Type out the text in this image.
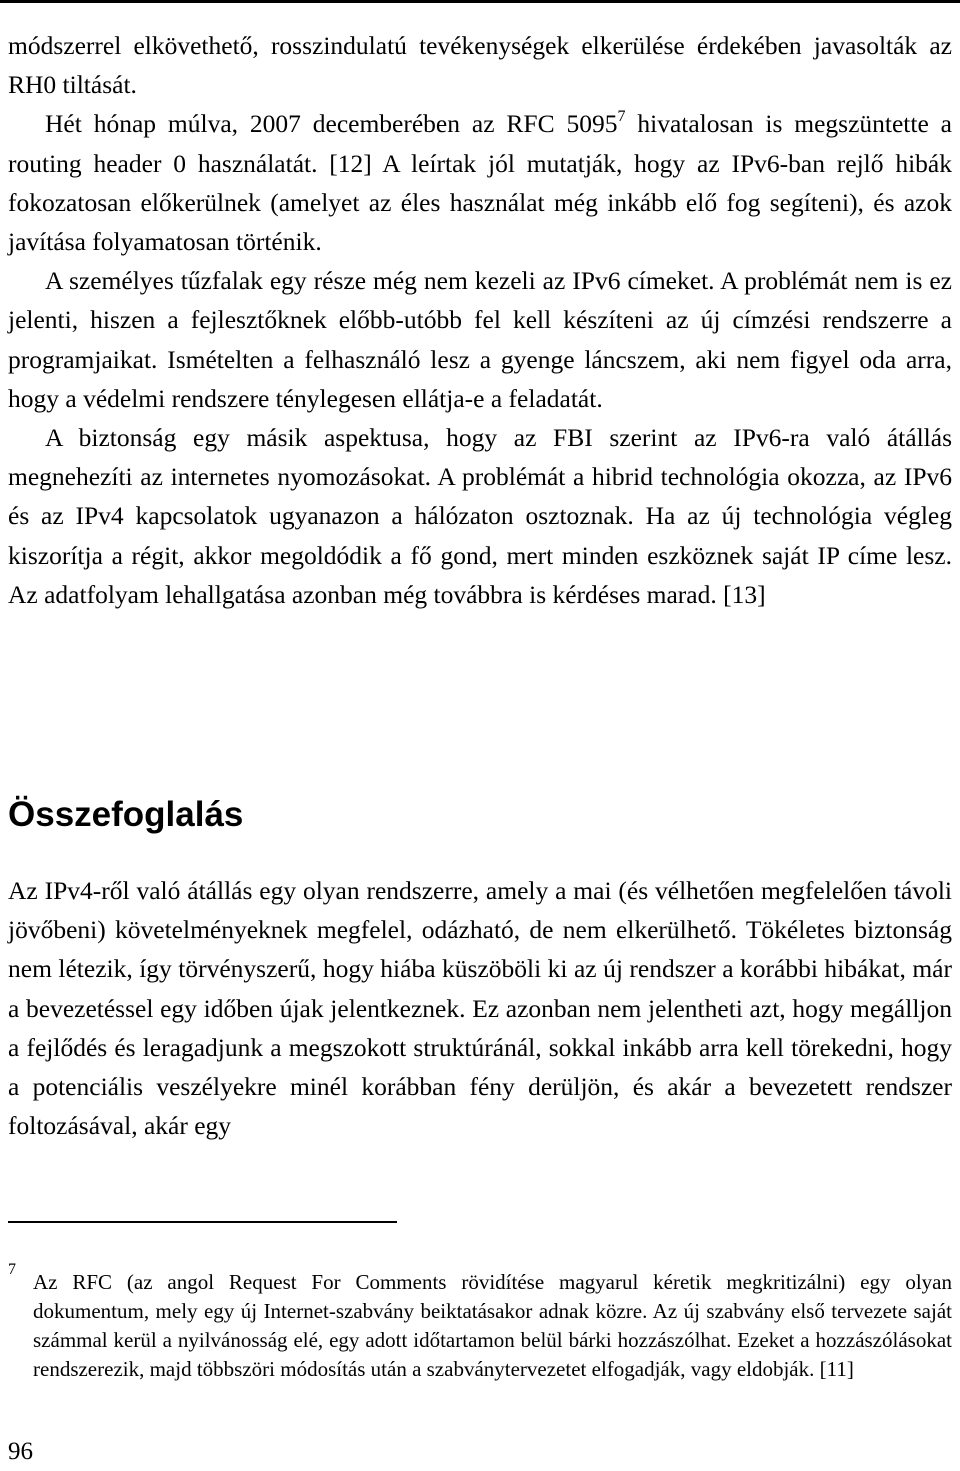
módszerrel elkövethető, rosszindulatú tevékenységek elkerülése érdekében javasolták az RH0 tiltását.

Hét hónap múlva, 2007 decemberében az RFC 5095$^7$ hivatalosan is megszüntette a routing header 0 használatát. [12] A leírtak jól mutatják, hogy az IPv6-ban rejlő hibák fokozatosan előkerülnek (amelyet az éles használat még inkább elő fog segíteni), és azok javítása folyamatosan történik.

A személyes tűzfalak egy része még nem kezeli az IPv6 címeket. A problémát nem is ez jelenti, hiszen a fejlesztőknek előbb-utóbb fel kell készíteni az új címzési rendszerre a programjaikat. Ismételten a felhasználó lesz a gyenge láncszem, aki nem figyel oda arra, hogy a védelmi rendszere ténylegesen ellátja-e a feladatát.

A biztonság egy másik aspektusa, hogy az FBI szerint az IPv6-ra való átállás megnehezíti az internetes nyomozásokat. A problémát a hibrid technológia okozza, az IPv6 és az IPv4 kapcsolatok ugyanazon a hálózaton osztoznak. Ha az új technológia végleg kiszorítja a régit, akkor megoldódik a fő gond, mert minden eszköznek saját IP címe lesz. Az adatfolyam lehallgatása azonban még továbbra is kérdéses marad. [13]

Összefoglalás

Az IPv4-ről való átállás egy olyan rendszerre, amely a mai (és vélhetően megfelelően távoli jövőbeni) követelményeknek megfelel, odázható, de nem elkerülhető. Tökéletes biztonság nem létezik, így törvényszerű, hogy hiába küszöböli ki az új rendszer a korábbi hibákat, már a bevezetéssel egy időben újak jelentkeznek. Ez azonban nem jelentheti azt, hogy megálljon a fejlődés és leragadjunk a megszokott struktúránál, sokkal inkább arra kell törekedni, hogy a potenciális veszélyekre minél korábban fény derüljön, és akár a bevezetett rendszer foltozásával, akár egy

7

Az RFC (az angol Request For Comments rövidítése magyarul kéretik megkritizálni) egy olyan dokumentum, mely egy új Internet-szabvány beiktatásakor adnak közre. Az új szabvány első tervezete saját számmal kerül a nyilvánosság elé, egy adott időtartamon belül bárki hozzászólhat. Ezeket a hozzászólásokat rendszerezik, majd többszöri módosítás után a szabványtervezetet elfogadják, vagy eldobják. [11]

96
